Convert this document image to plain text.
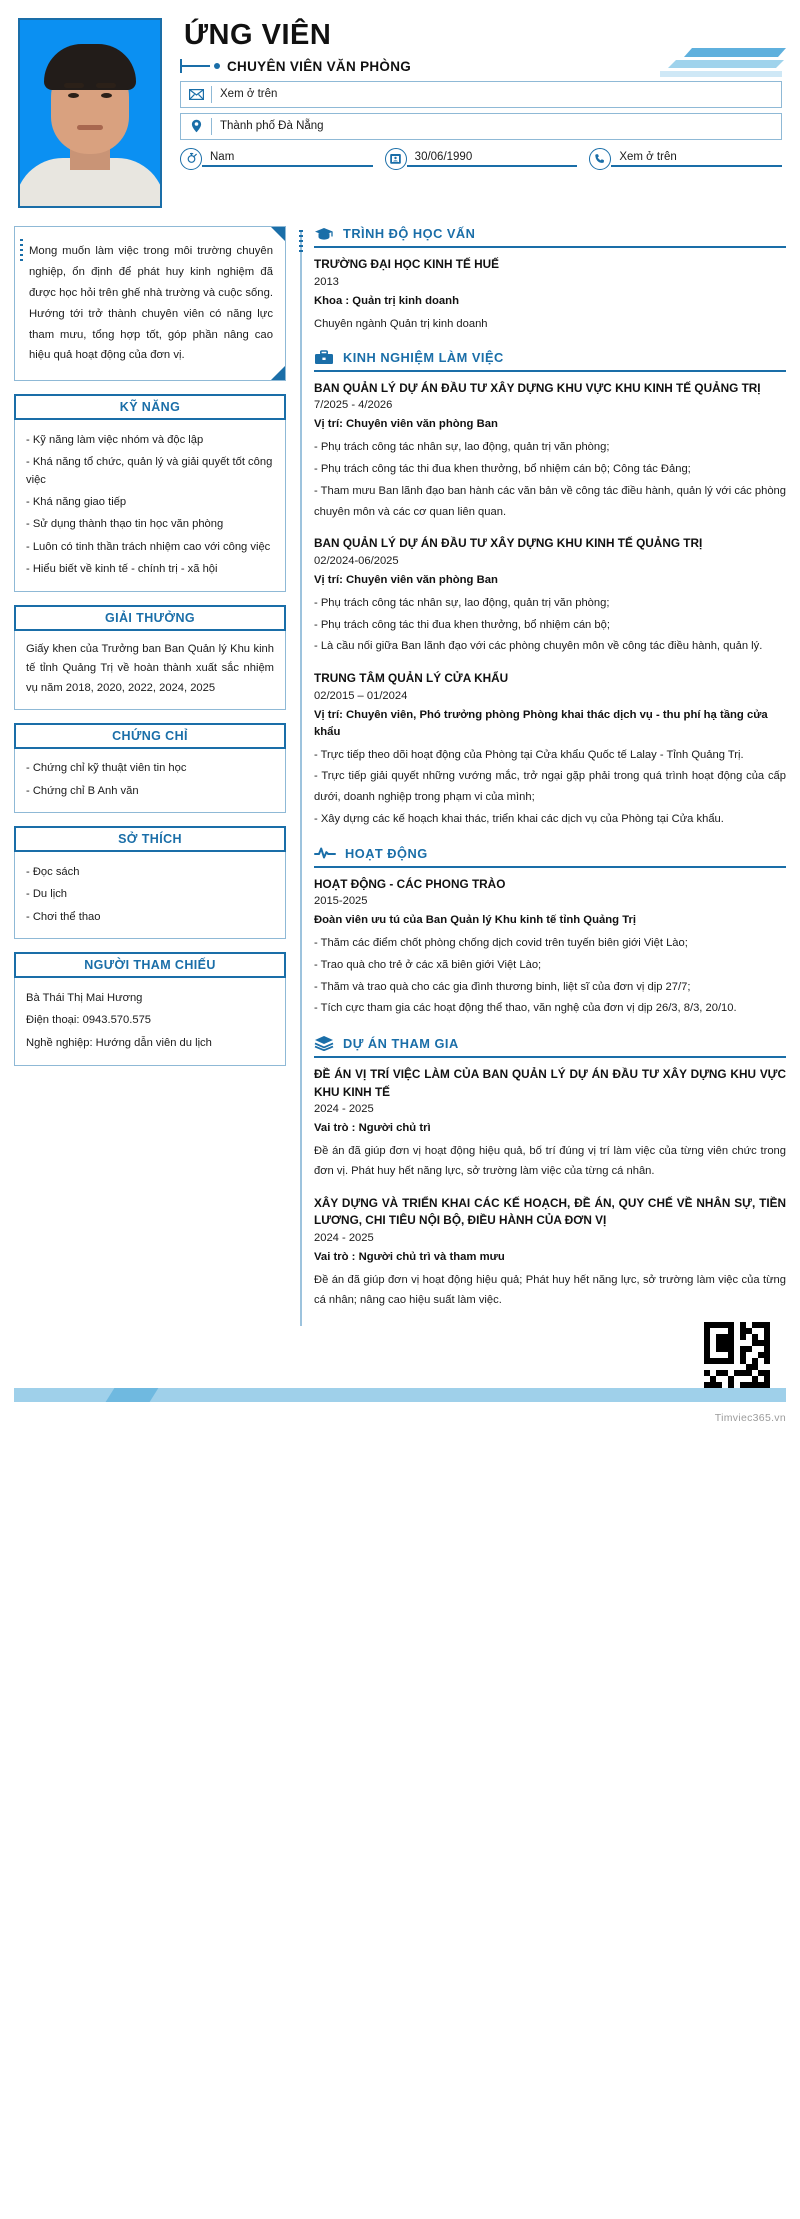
ỨNG VIÊN
CHUYÊN VIÊN VĂN PHÒNG
Xem ở trên
Thành phố Đà Nẵng
Nam	30/06/1990	Xem ở trên
Mong muốn làm việc trong môi trường chuyên nghiệp, ổn định để phát huy kinh nghiệm đã được học hỏi trên ghế nhà trường và cuộc sống. Hướng tới trở thành chuyên viên có năng lực tham mưu, tổng hợp tốt, góp phần nâng cao hiệu quả hoạt động của đơn vị.
KỸ NĂNG
- Kỹ năng làm việc nhóm và độc lập
- Khá năng tổ chức, quản lý và giải quyết tốt công việc
- Khá năng giao tiếp
- Sử dụng thành thạo tin học văn phòng
- Luôn có tinh thần trách nhiệm cao với công việc
- Hiểu biết về kinh tế - chính trị - xã hội
GIẢI THƯỞNG

Giấy khen của Trưởng ban Ban Quản lý Khu kinh tế tỉnh Quảng Trị về hoàn thành xuất sắc nhiệm vụ năm 2018, 2020, 2022, 2024, 2025

CHỨNG CHỈ
- Chứng chỉ kỹ thuật viên tin học
- Chứng chỉ B Anh văn
SỞ THÍCH
- Đọc sách
- Du lịch
- Chơi thể thao
NGƯỜI THAM CHIẾU
Bà Thái Thị Mai Hương
Điện thoại: 0943.570.575
Nghề nghiệp: Hướng dẫn viên du lịch
TRÌNH ĐỘ HỌC VẤN
TRƯỜNG ĐẠI HỌC KINH TẾ HUẾ
2013
Khoa : Quản trị kinh doanh
Chuyên ngành Quản trị kinh doanh
KINH NGHIỆM LÀM VIỆC
BAN QUẢN LÝ DỰ ÁN ĐẦU TƯ XÂY DỰNG KHU VỰC KHU KINH TẾ QUẢNG TRỊ
7/2025 - 4/2026
Vị trí: Chuyên viên văn phòng Ban
- Phụ trách công tác nhân sự, lao động, quản trị văn phòng;
- Phụ trách công tác thi đua khen thưởng, bổ nhiệm cán bộ; Công tác Đảng;
- Tham mưu Ban lãnh đạo ban hành các văn bản về công tác điều hành, quản lý với các phòng chuyên môn và các cơ quan liên quan.
BAN QUẢN LÝ DỰ ÁN ĐẦU TƯ XÂY DỰNG KHU KINH TẾ QUẢNG TRỊ
02/2024-06/2025
Vị trí: Chuyên viên văn phòng Ban
- Phụ trách công tác nhân sự, lao động, quản trị văn phòng;
- Phụ trách công tác thi đua khen thưởng, bổ nhiệm cán bộ;
- Là cầu nối giữa Ban lãnh đạo với các phòng chuyên môn về công tác điều hành, quản lý.
TRUNG TÂM QUẢN LÝ CỬA KHẨU
02/2015 – 01/2024
Vị trí: Chuyên viên, Phó trưởng phòng Phòng khai thác dịch vụ - thu phí hạ tầng cửa khẩu
- Trực tiếp theo dõi hoạt động của Phòng tại Cửa khẩu Quốc tế Lalay - Tỉnh Quảng Trị.
- Trực tiếp giải quyết những vướng mắc, trở ngại gặp phải trong quá trình hoạt động của cấp dưới, doanh nghiệp trong phạm vi của mình;
- Xây dựng các kế hoạch khai thác, triển khai các dịch vụ của Phòng tại Cửa khẩu.
HOẠT ĐỘNG
HOẠT ĐỘNG - CÁC PHONG TRÀO
2015-2025
Đoàn viên ưu tú của Ban Quản lý Khu kinh tế tỉnh Quảng Trị
- Thăm các điểm chốt phòng chống dịch covid trên tuyến biên giới Việt Lào;
- Trao quà cho trẻ ở các xã biên giới Việt Lào;
- Thăm và trao quà cho các gia đình thương binh, liệt sĩ của đơn vị dịp 27/7;
- Tích cực tham gia các hoạt động thể thao, văn nghệ của đơn vị dịp 26/3, 8/3, 20/10.
DỰ ÁN THAM GIA
ĐỀ ÁN VỊ TRÍ VIỆC LÀM CỦA BAN QUẢN LÝ DỰ ÁN ĐẦU TƯ XÂY DỰNG KHU VỰC KHU KINH TẾ
2024 - 2025
Vai trò : Người chủ trì
Đề án đã giúp đơn vị hoạt động hiệu quả, bố trí đúng vị trí làm việc của từng viên chức trong đơn vị. Phát huy hết năng lực, sở trường làm việc của từng cá nhân.
XÂY DỰNG VÀ TRIỂN KHAI CÁC KẾ HOẠCH, ĐỀ ÁN, QUY CHẾ VỀ NHÂN SỰ, TIỀN LƯƠNG, CHI TIÊU NỘI BỘ, ĐIỀU HÀNH CỦA ĐƠN VỊ
2024 - 2025
Vai trò : Người chủ trì và tham mưu
Đề án đã giúp đơn vị hoạt động hiệu quả; Phát huy hết năng lực, sở trường làm việc của từng cá nhân; nâng cao hiệu suất làm việc.
Timviec365.vn
